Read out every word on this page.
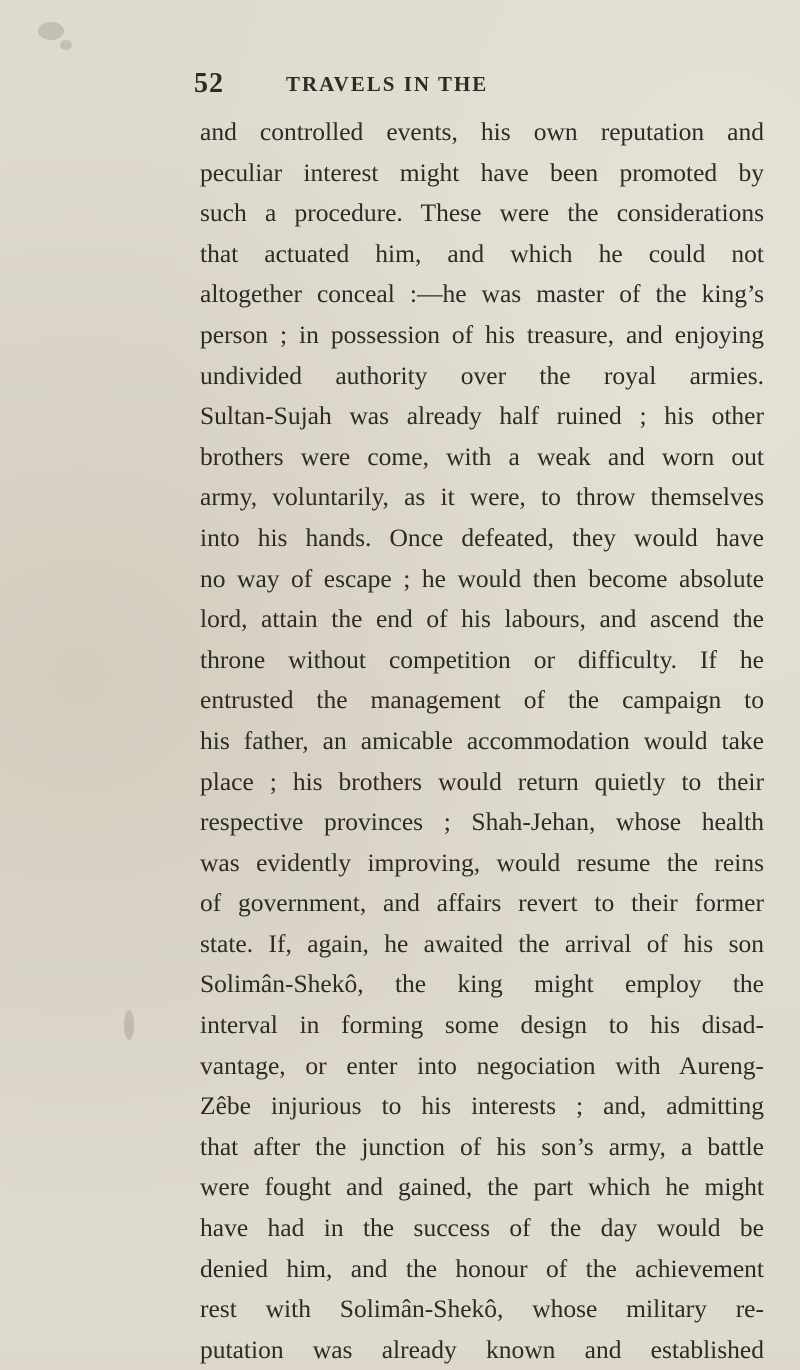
52	TRAVELS IN THE
and controlled events, his own reputation and
peculiar interest might have been promoted by
such a procedure. These were the considerations
that actuated him, and which he could not
altogether conceal :—he was master of the king’s
person ; in possession of his treasure, and enjoying
undivided authority over the royal armies.
Sultan-Sujah was already half ruined ; his other
brothers were come, with a weak and worn out
army, voluntarily, as it were, to throw themselves
into his hands. Once defeated, they would have
no way of escape ; he would then become absolute
lord, attain the end of his labours, and ascend the
throne without competition or difficulty. If he
entrusted the management of the campaign to
his father, an amicable accommodation would take
place ; his brothers would return quietly to their
respective provinces ; Shah-Jehan, whose health
was evidently improving, would resume the reins
of government, and affairs revert to their former
state. If, again, he awaited the arrival of his son
Solimân-Shekô, the king might employ the
interval in forming some design to his disad-
vantage, or enter into negociation with Aureng-
Zêbe injurious to his interests ; and, admitting
that after the junction of his son’s army, a battle
were fought and gained, the part which he might
have had in the success of the day would be
denied him, and the honour of the achievement
rest with Solimân-Shekô, whose military re-
putation was already known and established
